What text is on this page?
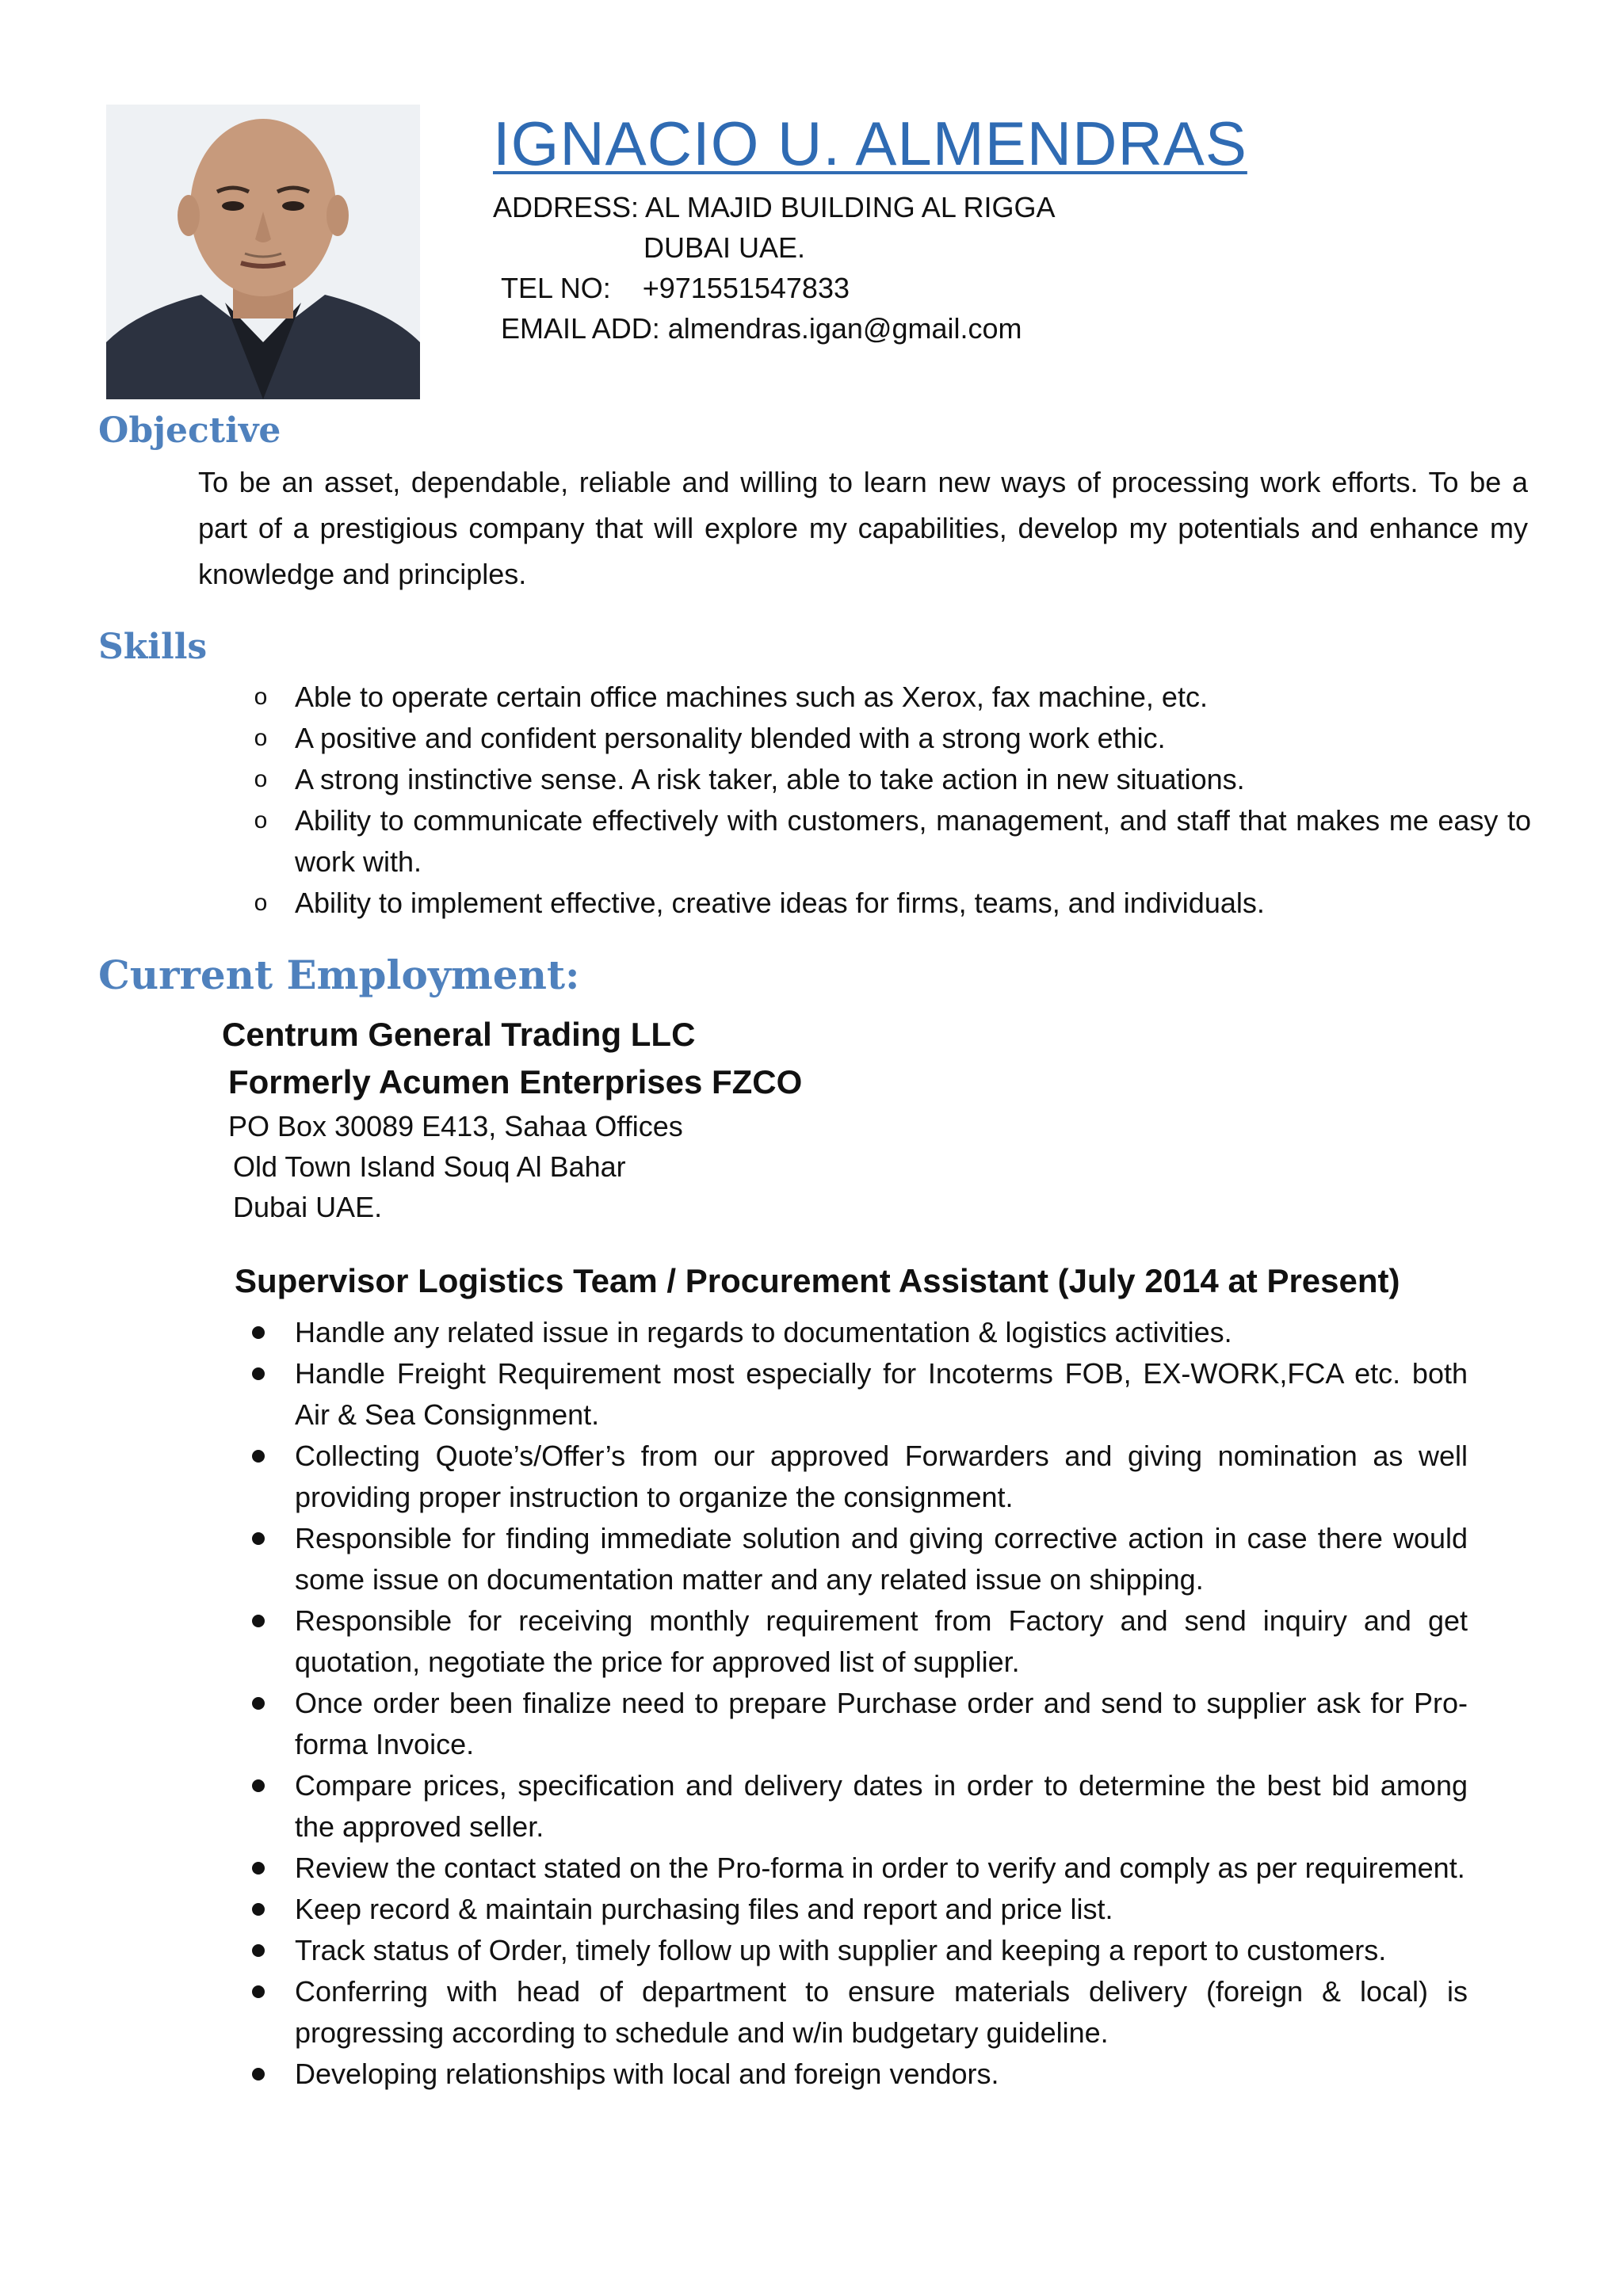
IGNACIO U. ALMENDRAS
ADDRESS: AL MAJID BUILDING AL RIGGA
DUBAI UAE.
TEL NO: +971551547833
EMAIL ADD: almendras.igan@gmail.com
Objective

To be an asset, dependable, reliable and willing to learn new ways of processing work efforts. To be a part of a prestigious company that will explore my capabilities, develop my potentials and enhance my knowledge and principles.

Skills
o Able to operate certain office machines such as Xerox, fax machine, etc.
o A positive and confident personality blended with a strong work ethic.
o A strong instinctive sense. A risk taker, able to take action in new situations.
o Ability to communicate effectively with customers, management, and staff that makes me easy to work with.
o Ability to implement effective, creative ideas for firms, teams, and individuals.
Current Employment:
Centrum General Trading LLC
Formerly Acumen Enterprises FZCO
PO Box 30089 E413, Sahaa Offices
Old Town Island Souq Al Bahar
Dubai UAE.
Supervisor Logistics Team / Procurement Assistant (July 2014 at Present)
Handle any related issue in regards to documentation & logistics activities.
Handle Freight Requirement most especially for Incoterms FOB, EX-WORK,FCA etc. both Air & Sea Consignment.
Collecting Quote’s/Offer’s from our approved Forwarders and giving nomination as well providing proper instruction to organize the consignment.
Responsible for finding immediate solution and giving corrective action in case there would some issue on documentation matter and any related issue on shipping.
Responsible for receiving monthly requirement from Factory and send inquiry and get quotation, negotiate the price for approved list of supplier.
Once order been finalize need to prepare Purchase order and send to supplier ask for Pro-forma Invoice.
Compare prices, specification and delivery dates in order to determine the best bid among the approved seller.
Review the contact stated on the Pro-forma in order to verify and comply as per requirement.
Keep record & maintain purchasing files and report and price list.
Track status of Order, timely follow up with supplier and keeping a report to customers.
Conferring with head of department to ensure materials delivery (foreign & local) is progressing according to schedule and w/in budgetary guideline.
Developing relationships with local and foreign vendors.
